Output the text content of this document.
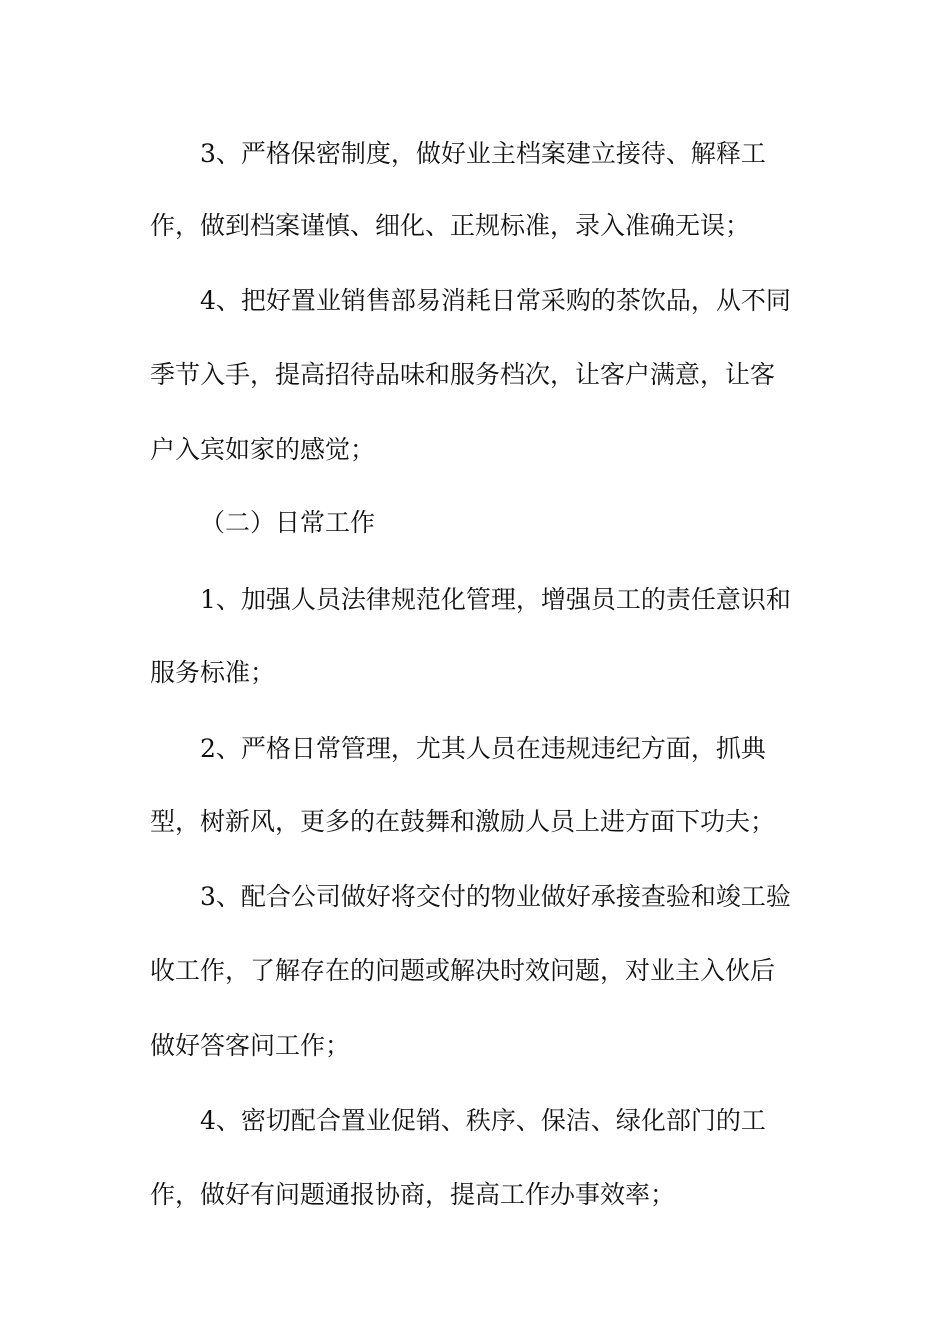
3、严格保密制度，做好业主档案建立接待、解释工

作，做到档案谨慎、细化、正规标准，录入准确无误；

4、把好置业销售部易消耗日常采购的茶饮品，从不同

季节入手，提高招待品味和服务档次，让客户满意，让客

户入宾如家的感觉；

（二）日常工作

1、加强人员法律规范化管理，增强员工的责任意识和

服务标准；

2、严格日常管理，尤其人员在违规违纪方面，抓典

型，树新风，更多的在鼓舞和激励人员上进方面下功夫；

3、配合公司做好将交付的物业做好承接查验和竣工验

收工作，了解存在的问题或解决时效问题，对业主入伙后

做好答客问工作；

4、密切配合置业促销、秩序、保洁、绿化部门的工

作，做好有问题通报协商，提高工作办事效率；
